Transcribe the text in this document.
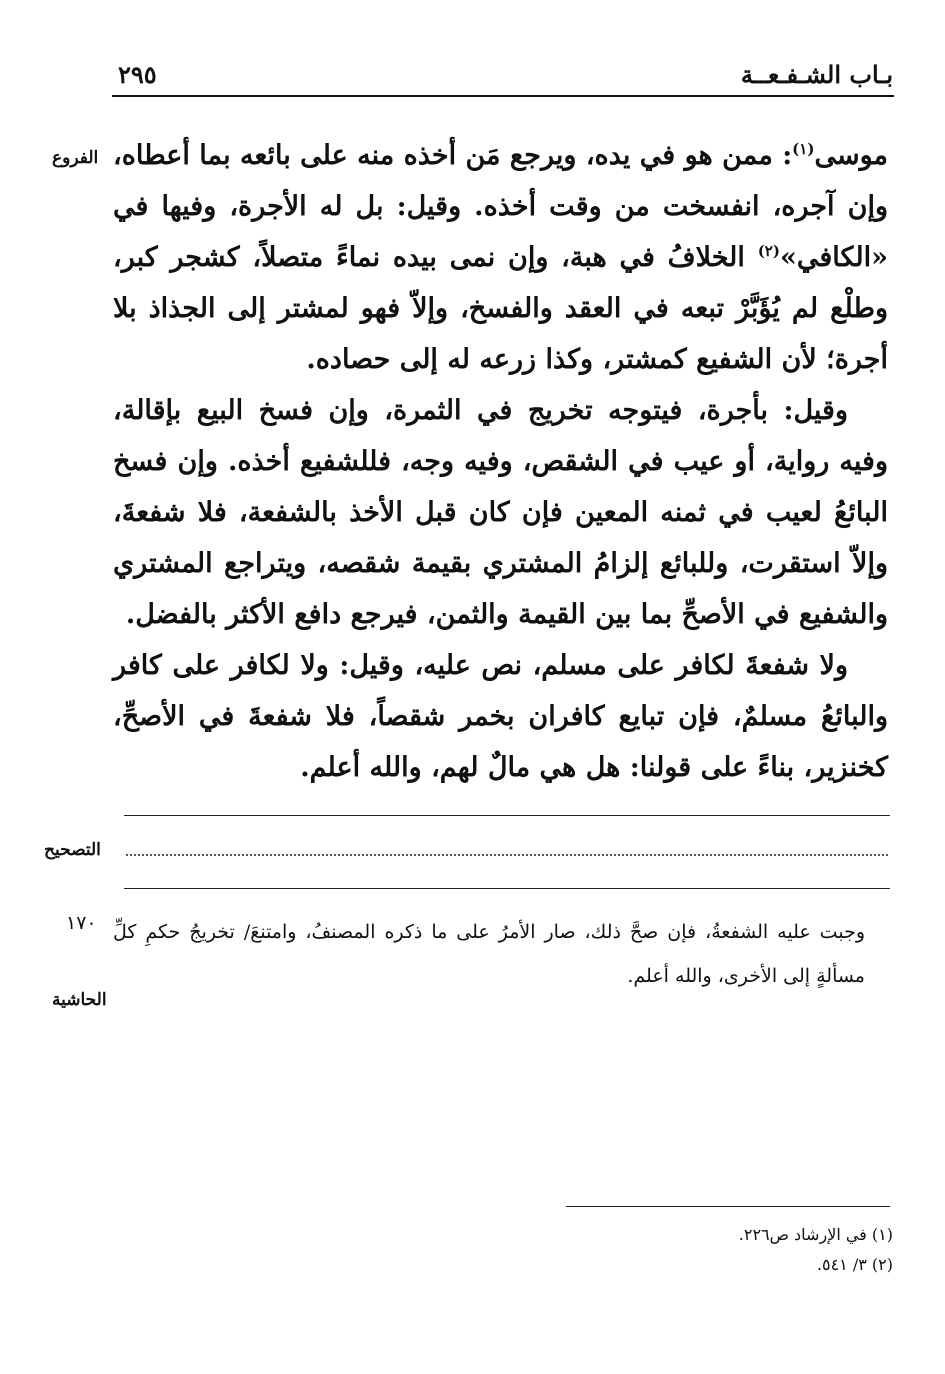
بـاب الشـفـعــة
٢٩٥
الفروع	موسى$^{(١)}$: ممن هو في يده، ويرجع مَن أخذه منه على بائعه بما أعطاه، وإن آجره، انفسخت من وقت أخذه. وقيل: بل له الأجرة، وفيها في «الكافي»$^{(٢)}$ الخلافُ في هبة، وإن نمى بيده نماءً متصلاً، كشجر كبر، وطلْع لم يُؤَبَّرْ تبعه في العقد والفسخ، وإلاّ فهو لمشتر إلى الجذاذ بلا أجرة؛ لأن الشفيع كمشتر، وكذا زرعه له إلى حصاده.

وقيل: بأجرة، فيتوجه تخريج في الثمرة، وإن فسخ البيع بإقالة، وفيه رواية، أو عيب في الشقص، وفيه وجه، فللشفيع أخذه. وإن فسخ البائعُ لعيب في ثمنه المعين فإن كان قبل الأخذ بالشفعة، فلا شفعةَ، وإلاّ استقرت، وللبائع إلزامُ المشتري بقيمة شقصه، ويتراجع المشتري والشفيع في الأصحِّ بما بين القيمة والثمن، فيرجع دافع الأكثر بالفضل.

ولا شفعةَ لكافر على مسلم، نص عليه، وقيل: ولا لكافر على كافر والبائعُ مسلمٌ، فإن تبايع كافران بخمر شقصاً، فلا شفعةَ في الأصحِّ، كخنزير، بناءً على قولنا: هل هي مالٌ لهم، والله أعلم.

التصحيح
١٧٠
الحاشية
وجبت عليه الشفعةُ، فإن صحَّ ذلك، صار الأمرُ على ما ذكره المصنفُ، وامتنعَ/ تخريجُ حكمِ كلِّ مسألةٍ إلى الأخرى، والله أعلم.
(١) في الإرشاد ص٢٢٦.
(٢) ٣/ ٥٤١.
